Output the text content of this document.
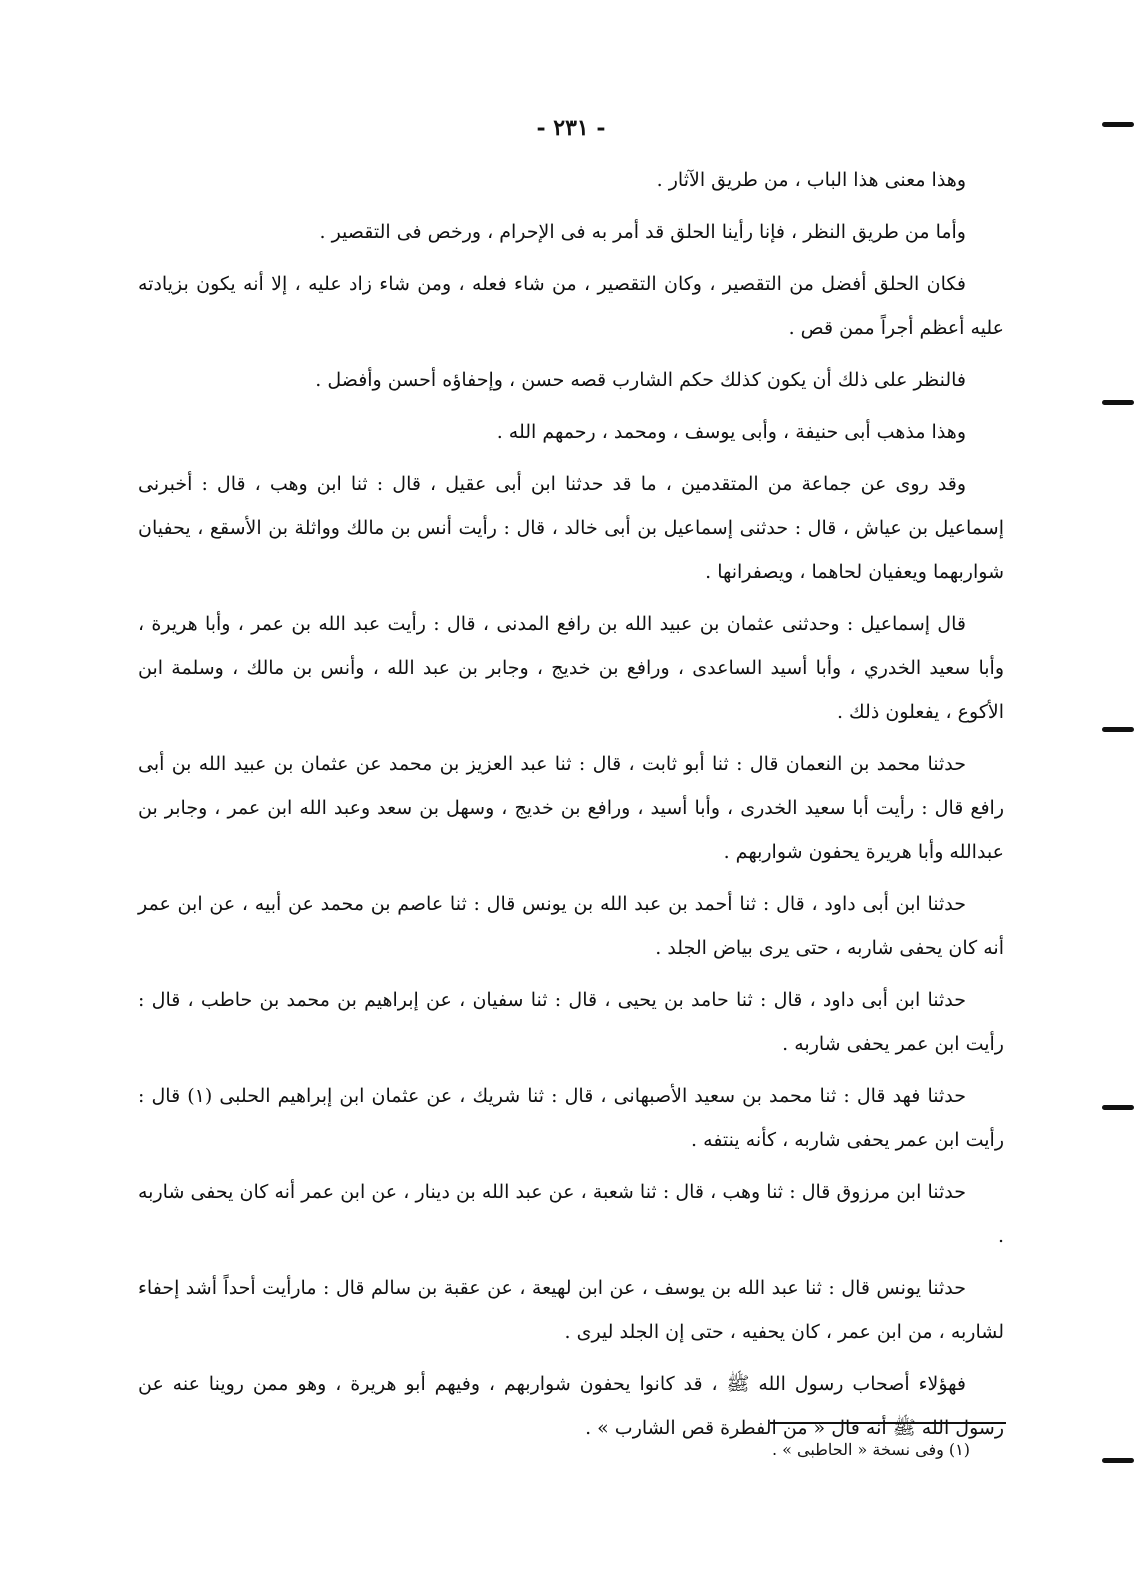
- ٢٣١ -

وهذا معنى هذا الباب ، من طريق الآثار .

وأما من طريق النظر ، فإنا رأينا الحلق قد أمر به فى الإحرام ، ورخص فى التقصير .

فكان الحلق أفضل من التقصير ، وكان التقصير ، من شاء فعله ، ومن شاء زاد عليه ، إلا أنه يكون بزيادته عليه أعظم أجراً ممن قص .

فالنظر على ذلك أن يكون كذلك حكم الشارب قصه حسن ، وإحفاؤه أحسن وأفضل .

وهذا مذهب أبى حنيفة ، وأبى يوسف ، ومحمد ، رحمهم الله .

وقد روى عن جماعة من المتقدمين ، ما قد حدثنا ابن أبى عقيل ، قال : ثنا ابن وهب ، قال : أخبرنى إسماعيل بن عياش ، قال : حدثنى إسماعيل بن أبى خالد ، قال : رأيت أنس بن مالك وواثلة بن الأسقع ، يحفيان شواربهما ويعفيان لحاهما ، ويصفرانها .

قال إسماعيل : وحدثنى عثمان بن عبيد الله بن رافع المدنى ، قال : رأيت عبد الله بن عمر ، وأبا هريرة ، وأبا سعيد الخدري ، وأبا أسيد الساعدى ، ورافع بن خديج ، وجابر بن عبد الله ، وأنس بن مالك ، وسلمة ابن الأكوع ، يفعلون ذلك .

حدثنا محمد بن النعمان قال : ثنا أبو ثابت ، قال : ثنا عبد العزيز بن محمد عن عثمان بن عبيد الله بن أبى رافع قال : رأيت أبا سعيد الخدرى ، وأبا أسيد ، ورافع بن خديج ، وسهل بن سعد وعبد الله ابن عمر ، وجابر بن عبدالله وأبا هريرة يحفون شواربهم .

حدثنا ابن أبى داود ، قال : ثنا أحمد بن عبد الله بن يونس قال : ثنا عاصم بن محمد عن أبيه ، عن ابن عمر أنه كان يحفى شاربه ، حتى يرى بياض الجلد .

حدثنا ابن أبى داود ، قال : ثنا حامد بن يحيى ، قال : ثنا سفيان ، عن إبراهيم بن محمد بن حاطب ، قال : رأيت ابن عمر يحفى شاربه .

حدثنا فهد قال : ثنا محمد بن سعيد الأصبهانى ، قال : ثنا شريك ، عن عثمان ابن إبراهيم الحلبى (١) قال : رأيت ابن عمر يحفى شاربه ، كأنه ينتفه .

حدثنا ابن مرزوق قال : ثنا وهب ، قال : ثنا شعبة ، عن عبد الله بن دينار ، عن ابن عمر أنه كان يحفى شاربه .

حدثنا يونس قال : ثنا عبد الله بن يوسف ، عن ابن لهيعة ، عن عقبة بن سالم قال : مارأيت أحداً أشد إحفاء لشاربه ، من ابن عمر ، كان يحفيه ، حتى إن الجلد ليرى .

فهؤلاء أصحاب رسول الله ﷺ ، قد كانوا يحفون شواربهم ، وفيهم أبو هريرة ، وهو ممن روينا عنه عن رسول الله ﷺ أنه قال « من الفطرة قص الشارب » .

(١) وفى نسخة « الحاطبى » .
